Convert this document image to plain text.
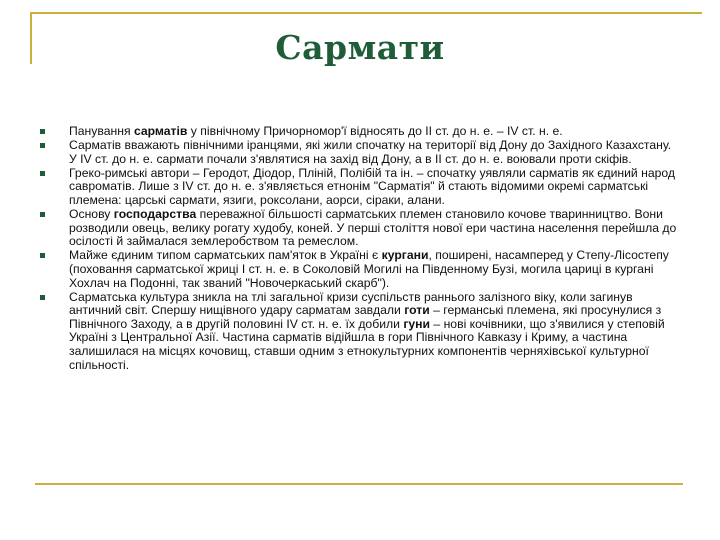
Сармати
Панування сарматів у північному Причорномор'ї відносять до ІІ ст. до н. е. – IV ст. н. е.
Сарматів вважають північними іранцями, які жили спочатку на території від Дону до Західного Казахстану. У IV ст. до н. е. сармати почали з'являтися на захід від Дону, а в ІІ ст. до н. е. воювали проти скіфів.
Греко-римські автори – Геродот, Діодор, Пліній, Полібій та ін. – спочатку уявляли сарматів як єдиний народ савроматів. Лише з IV ст. до н. е. з'являється етнонім "Сарматія" й стають відомими окремі сарматські племена: царські сармати, язиги, роксолани, аорси, сіраки, алани.
Основу господарства переважної більшості сарматських племен становило кочове тваринництво. Вони розводили овець, велику рогату худобу, коней. У перші століття нової ери частина населення перейшла до осілості й займалася землеробством та ремеслом.
Майже єдиним типом сарматських пам'яток в Україні є кургани, поширені, насамперед у Степу-Лісостепу (поховання сарматської жриці І ст. н. е. в Соколовій Могилі на Південному Бузі, могила цариці в кургані Хохлач на Подонні, так званий "Новочеркаський скарб").
Сарматська культура зникла на тлі загальної кризи суспільств раннього залізного віку, коли загинув античний світ. Спершу нищівного удару сарматам завдали готи – германські племена, які просунулися з Північного Заходу, а в другій половині IV ст. н. е. їх добили гуни – нові кочівники, що з'явилися у степовій Україні з Центральної Азії. Частина сарматів відійшла в гори Північного Кавказу і Криму, а частина залишилася на місцях кочовищ, ставши одним з етнокультурних компонентів черняхівської культурної спільності.
